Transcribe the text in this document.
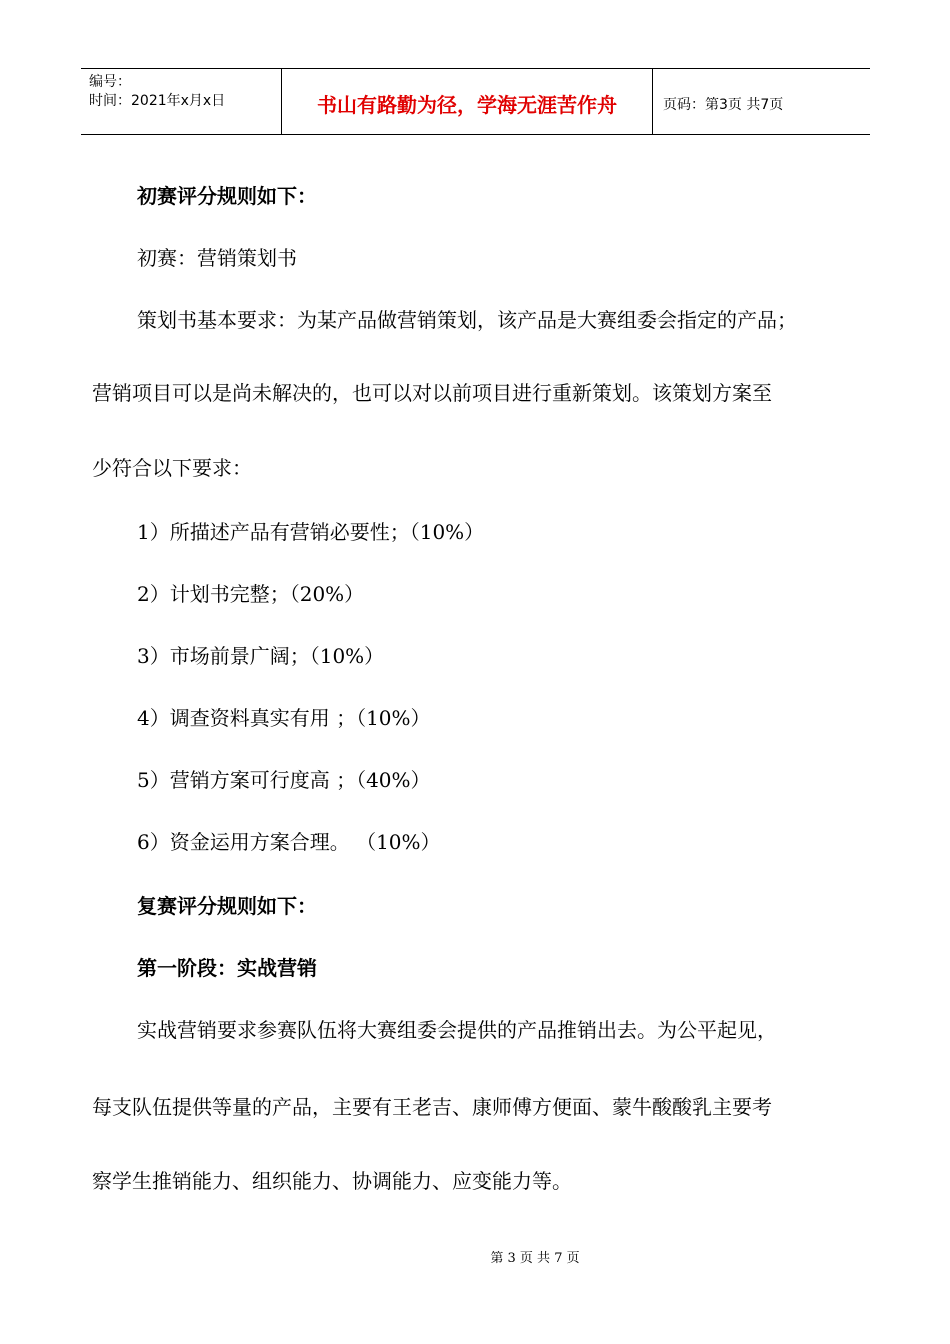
编号：
时间：2021年x月x日	书山有路勤为径，学海无涯苦作舟	页码：第3页 共7页
初赛评分规则如下：
初赛：营销策划书
策划书基本要求：为某产品做营销策划，该产品是大赛组委会指定的产品；
营销项目可以是尚未解决的，也可以对以前项目进行重新策划。该策划方案至
少符合以下要求：
1）所描述产品有营销必要性；（10%）
2）计划书完整；（20%）
3）市场前景广阔；（10%）
4）调查资料真实有用 ；（10%）
5）营销方案可行度高 ；（40%）
6）资金运用方案合理。 （10%）
复赛评分规则如下：
第一阶段：实战营销
实战营销要求参赛队伍将大赛组委会提供的产品推销出去。为公平起见，
每支队伍提供等量的产品，主要有王老吉、康师傅方便面、蒙牛酸酸乳主要考
察学生推销能力、组织能力、协调能力、应变能力等。
第 3 页 共 7 页
